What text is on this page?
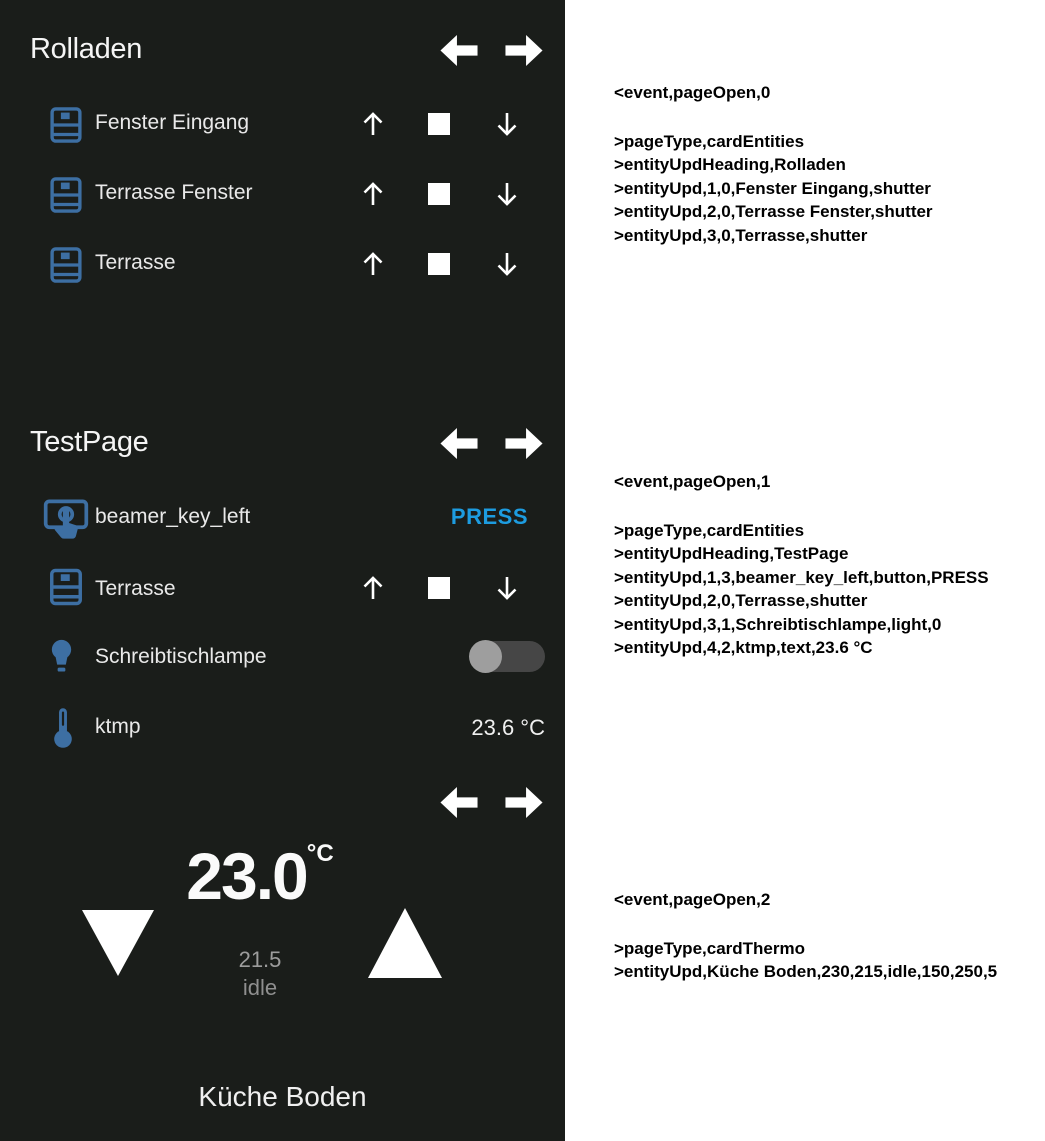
Rolladen
Fenster Eingang
Terrasse Fenster
Terrasse
TestPage
beamer_key_left	PRESS
Terrasse
Schreibtischlampe
ktmp	23.6 °C
23.0°C
21.5
idle
Küche Boden
<event,pageOpen,0
>pageType,cardEntities
>entityUpdHeading,Rolladen
>entityUpd,1,0,Fenster Eingang,shutter
>entityUpd,2,0,Terrasse Fenster,shutter
>entityUpd,3,0,Terrasse,shutter
<event,pageOpen,1
>pageType,cardEntities
>entityUpdHeading,TestPage
>entityUpd,1,3,beamer_key_left,button,PRESS
>entityUpd,2,0,Terrasse,shutter
>entityUpd,3,1,Schreibtischlampe,light,0
>entityUpd,4,2,ktmp,text,23.6 °C
<event,pageOpen,2
>pageType,cardThermo
>entityUpd,Küche Boden,230,215,idle,150,250,5
